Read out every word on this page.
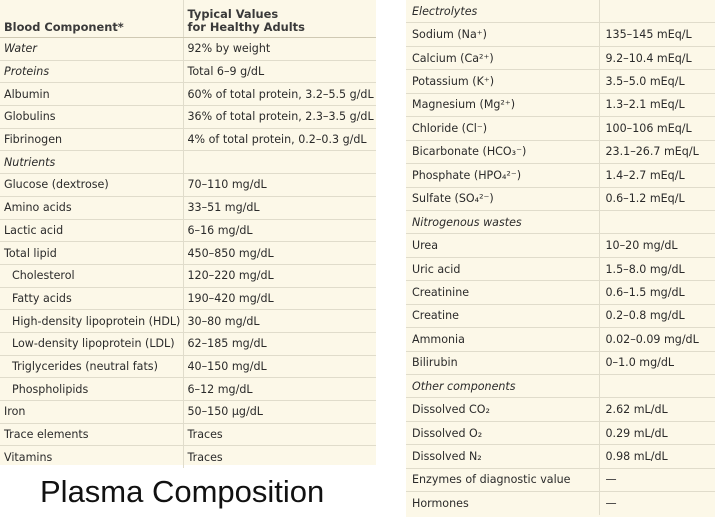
Blood Component*	Typical Values
for Healthy Adults
Water	92% by weight
Proteins	Total 6–9 g/dL
Albumin	60% of total protein, 3.2–5.5 g/dL
Globulins	36% of total protein, 2.3–3.5 g/dL
Fibrinogen	4% of total protein, 0.2–0.3 g/dL
Nutrients	
Glucose (dextrose)	70–110 mg/dL
Amino acids	33–51 mg/dL
Lactic acid	6–16 mg/dL
Total lipid	450–850 mg/dL
Cholesterol	120–220 mg/dL
Fatty acids	190–420 mg/dL
High-density lipoprotein (HDL)	30–80 mg/dL
Low-density lipoprotein (LDL)	62–185 mg/dL
Triglycerides (neutral fats)	40–150 mg/dL
Phospholipids	6–12 mg/dL
Iron	50–150 µg/dL
Trace elements	Traces
Vitamins	Traces
Electrolytes	
Sodium (Na⁺)	135–145 mEq/L
Calcium (Ca²⁺)	9.2–10.4 mEq/L
Potassium (K⁺)	3.5–5.0 mEq/L
Magnesium (Mg²⁺)	1.3–2.1 mEq/L
Chloride (Cl⁻)	100–106 mEq/L
Bicarbonate (HCO₃⁻)	23.1–26.7 mEq/L
Phosphate (HPO₄²⁻)	1.4–2.7 mEq/L
Sulfate (SO₄²⁻)	0.6–1.2 mEq/L
Nitrogenous wastes	
Urea	10–20 mg/dL
Uric acid	1.5–8.0 mg/dL
Creatinine	0.6–1.5 mg/dL
Creatine	0.2–0.8 mg/dL
Ammonia	0.02–0.09 mg/dL
Bilirubin	0–1.0 mg/dL
Other components	
Dissolved CO₂	2.62 mL/dL
Dissolved O₂	0.29 mL/dL
Dissolved N₂	0.98 mL/dL
Enzymes of diagnostic value	—
Hormones	—
Plasma Composition
